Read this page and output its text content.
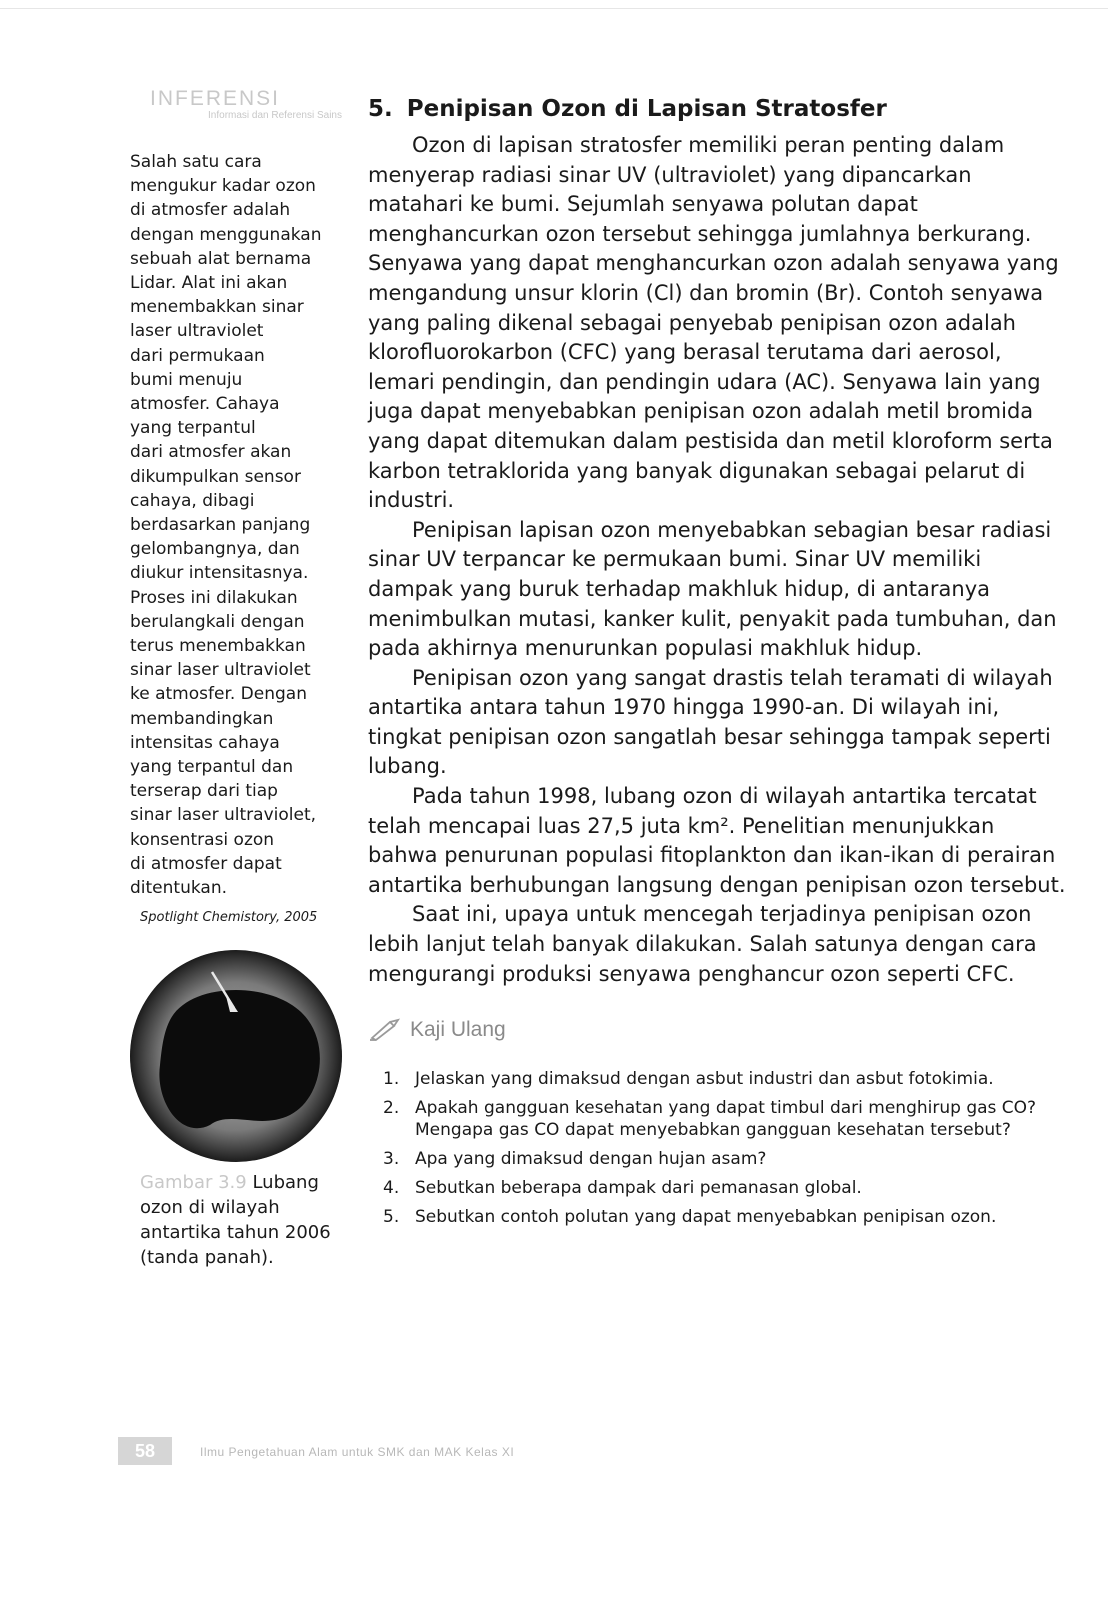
INFERENSI
Informasi dan Referensi Sains
Salah satu cara
mengukur kadar ozon
di atmosfer adalah
dengan menggunakan
sebuah alat bernama
Lidar. Alat ini akan
menembakkan sinar
laser ultraviolet
dari permukaan
bumi menuju
atmosfer. Cahaya
yang terpantul
dari atmosfer akan
dikumpulkan sensor
cahaya, dibagi
berdasarkan panjang
gelombangnya, dan
diukur intensitasnya.
Proses ini dilakukan
berulangkali dengan
terus menembakkan
sinar laser ultraviolet
ke atmosfer. Dengan
membandingkan
intensitas cahaya
yang terpantul dan
terserap dari tiap
sinar laser ultraviolet,
konsentrasi ozon
di atmosfer dapat
ditentukan.
Spotlight Chemistory, 2005
Gambar 3.9 Lubang ozon di wilayah antartika tahun 2006 (tanda panah).
5. Penipisan Ozon di Lapisan Stratosfer

Ozon di lapisan stratosfer memiliki peran penting dalam menyerap radiasi sinar UV (ultraviolet) yang dipancarkan matahari ke bumi. Sejumlah senyawa polutan dapat menghancurkan ozon tersebut sehingga jumlahnya berkurang. Senyawa yang dapat menghancurkan ozon adalah senyawa yang mengandung unsur klorin (Cl) dan bromin (Br). Contoh senyawa yang paling dikenal sebagai penyebab penipisan ozon adalah klorofluorokarbon (CFC) yang berasal terutama dari aerosol, lemari pendingin, dan pendingin udara (AC). Senyawa lain yang juga dapat menyebabkan penipisan ozon adalah metil bromida yang dapat ditemukan dalam pestisida dan metil kloroform serta karbon tetraklorida yang banyak digunakan sebagai pelarut di industri.

Penipisan lapisan ozon menyebabkan sebagian besar radiasi sinar UV terpancar ke permukaan bumi. Sinar UV memiliki dampak yang buruk terhadap makhluk hidup, di antaranya menimbulkan mutasi, kanker kulit, penyakit pada tumbuhan, dan pada akhirnya menurunkan populasi makhluk hidup.

Penipisan ozon yang sangat drastis telah teramati di wilayah antartika antara tahun 1970 hingga 1990-an. Di wilayah ini, tingkat penipisan ozon sangatlah besar sehingga tampak seperti lubang.

Pada tahun 1998, lubang ozon di wilayah antartika tercatat telah mencapai luas 27,5 juta km². Penelitian menunjukkan bahwa penurunan populasi fitoplankton dan ikan-ikan di perairan antartika berhubungan langsung dengan penipisan ozon tersebut.

Saat ini, upaya untuk mencegah terjadinya penipisan ozon lebih lanjut telah banyak dilakukan. Salah satunya dengan cara mengurangi produksi senyawa penghancur ozon seperti CFC.

Kaji Ulang
1. Jelaskan yang dimaksud dengan asbut industri dan asbut fotokimia.
2. Apakah gangguan kesehatan yang dapat timbul dari menghirup gas CO? Mengapa gas CO dapat menyebabkan gangguan kesehatan tersebut?
3. Apa yang dimaksud dengan hujan asam?
4. Sebutkan beberapa dampak dari pemanasan global.
5. Sebutkan contoh polutan yang dapat menyebabkan penipisan ozon.
58	Ilmu Pengetahuan Alam untuk SMK dan MAK Kelas XI
